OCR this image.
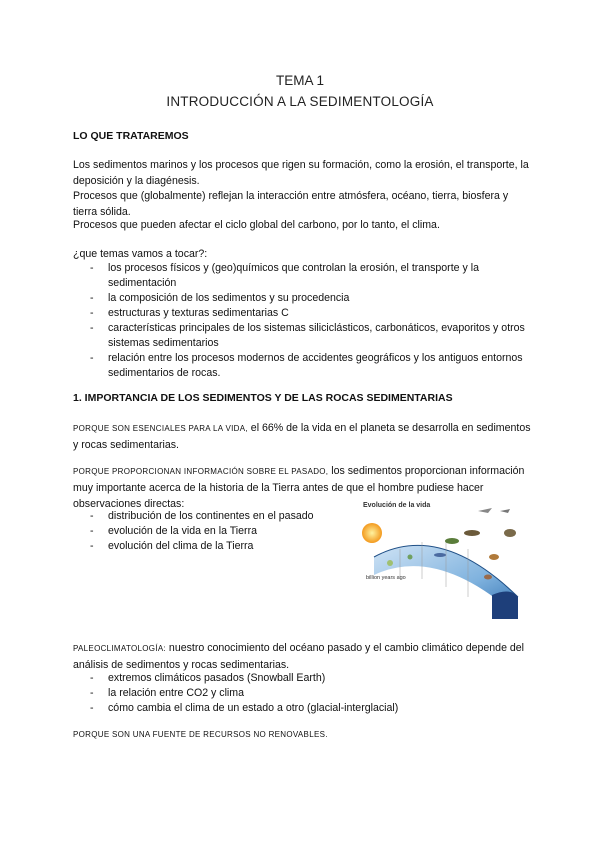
TEMA 1
INTRODUCCIÓN A LA SEDIMENTOLOGÍA
LO QUE TRATAREMOS

Los sedimentos marinos y los procesos que rigen su formación, como la erosión, el transporte, la deposición y la diagénesis.

Procesos que (globalmente) reflejan la interacción entre atmósfera, océano, tierra, biosfera y tierra sólida.

Procesos que pueden afectar el ciclo global del carbono, por lo tanto, el clima.

¿que temas vamos a tocar?:

- los procesos físicos y (geo)químicos que controlan la erosión, el transporte y la sedimentación
- la composición de los sedimentos y su procedencia
- estructuras y texturas sedimentarias C
- características principales de los sistemas siliciclásticos, carbonáticos, evaporitos y otros sistemas sedimentarios
- relación entre los procesos modernos de accidentes geográficos y los antiguos entornos sedimentarios de rocas.
1. IMPORTANCIA DE LOS SEDIMENTOS Y DE LAS ROCAS SEDIMENTARIAS

PORQUE SON ESENCIALES PARA LA VIDA, el 66% de la vida en el planeta se desarrolla en sedimentos y rocas sedimentarias.

PORQUE PROPORCIONAN INFORMACIÓN SOBRE EL PASADO, los sedimentos proporcionan información muy importante acerca de la historia de la Tierra antes de que el hombre pudiese hacer observaciones directas:

- distribución de los continentes en el pasado
- evolución de la vida en la Tierra
- evolución del clima de la Tierra
Evolución de la vida
billion years ago

PALEOCLIMATOLOGÍA: nuestro conocimiento del océano pasado y el cambio climático depende del análisis de sedimentos y rocas sedimentarias.

- extremos climáticos pasados (Snowball Earth)
- la relación entre CO2 y clima
- cómo cambia el clima de un estado a otro (glacial-interglacial)

PORQUE SON UNA FUENTE DE RECURSOS NO RENOVABLES.
